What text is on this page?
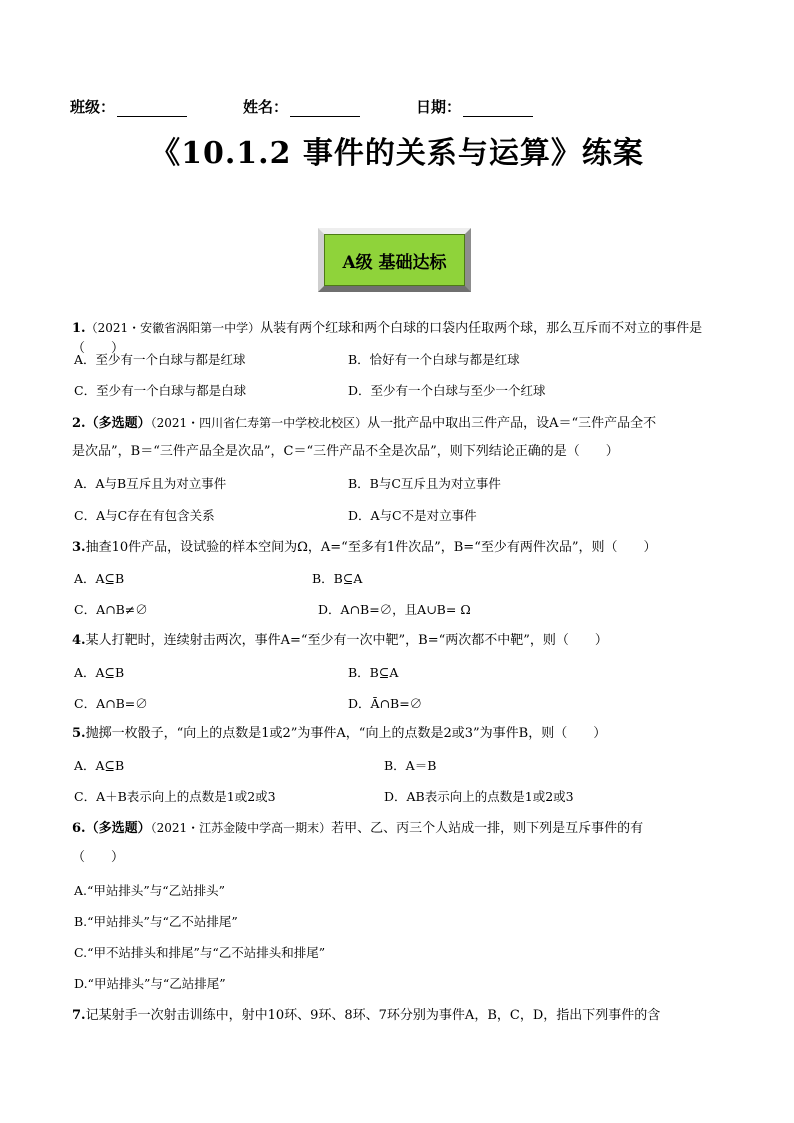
班级：	姓名：	日期：
《10.1.2 事件的关系与运算》练案
A级 基础达标
1.（2021・安徽省涡阳第一中学）从装有两个红球和两个白球的口袋内任取两个球，那么互斥而不对立的事件是（　　）
A．至少有一个白球与都是红球	B．恰好有一个白球与都是红球
C．至少有一个白球与都是白球	D．至少有一个白球与至少一个红球
2.（多选题）（2021・四川省仁寿第一中学校北校区）从一批产品中取出三件产品，设A＝“三件产品全不
是次品”，B＝“三件产品全是次品”，C＝“三件产品不全是次品”，则下列结论正确的是（　　）
A．A与B互斥且为对立事件	B．B与C互斥且为对立事件
C．A与C存在有包含关系	D．A与C不是对立事件
3.抽查10件产品，设试验的样本空间为Ω，A=“至多有1件次品”，B=“至少有两件次品”，则（　　）
A．A⊆B	B．B⊆A
C．A∩B≠∅	D．A∩B=∅，且A∪B= Ω
4.某人打靶时，连续射击两次，事件A=“至少有一次中靶”，B=“两次都不中靶”，则（　　）
A．A⊆B	B．B⊆A
C．A∩B=∅	D．Ā∩B=∅
5.抛掷一枚骰子，“向上的点数是1或2”为事件A，“向上的点数是2或3”为事件B，则（　　）
A．A⊆B	B．A＝B
C．A＋B表示向上的点数是1或2或3	D．AB表示向上的点数是1或2或3
6.（多选题）（2021・江苏金陵中学高一期末）若甲、乙、丙三个人站成一排，则下列是互斥事件的有
（　　）
A.“甲站排头”与“乙站排头”
B.“甲站排头”与“乙不站排尾”
C.“甲不站排头和排尾”与“乙不站排头和排尾”
D.“甲站排头”与“乙站排尾”
7.记某射手一次射击训练中，射中10环、9环、8环、7环分别为事件A，B，C，D，指出下列事件的含
